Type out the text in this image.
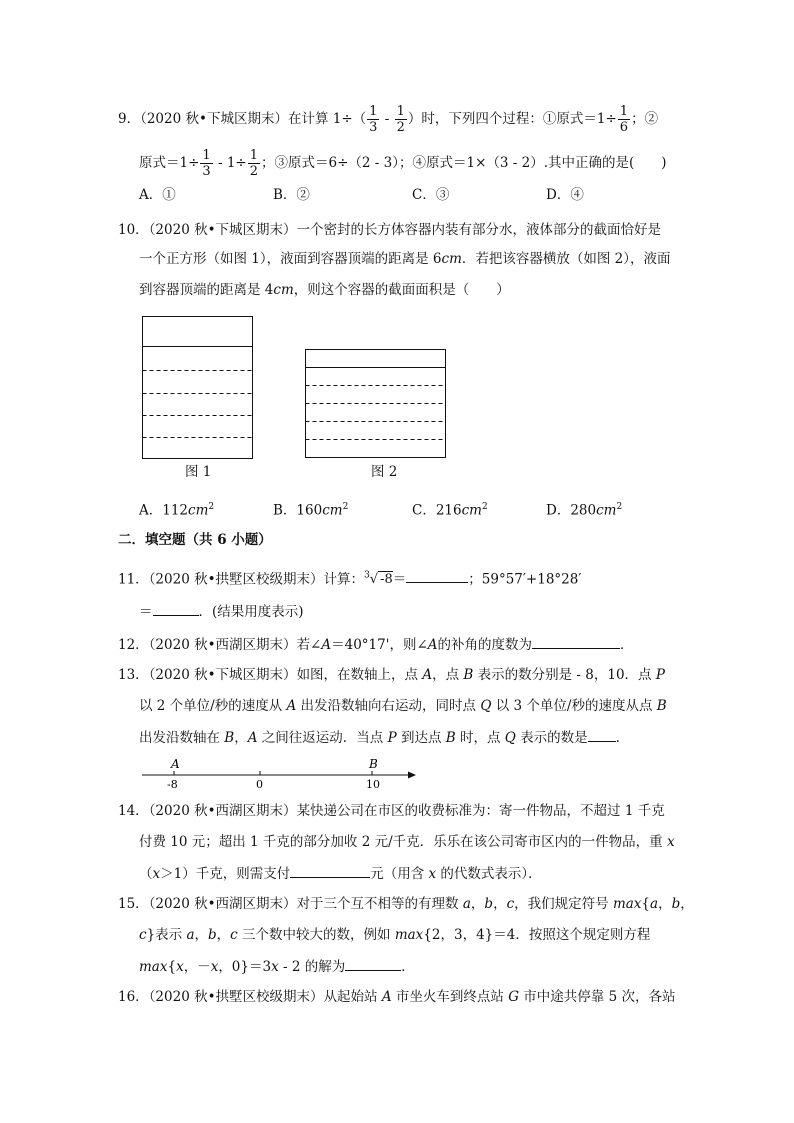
9．（2020 秋•下城区期末）在计算 $1\div( \frac{1}{3} - \frac{1}{2}$ ）时，下列四个过程：①原式$=1\div \frac{1}{6}$ ；②
原式$=1\div \frac{1}{3} - 1\div \frac{1}{2}$ ；③原式＝6÷（2 - 3）；④原式＝1×（3 - 2）.其中正确的是(　　)
A．①	B．②	C．③	D．④
10．（2020 秋•下城区期末）一个密封的长方体容器内装有部分水，液体部分的截面恰好是
一个正方形（如图 1），液面到容器顶端的距离是 6cm．若把该容器横放（如图 2），液面
到容器顶端的距离是 4cm，则这个容器的截面面积是（　　）
图 1	图 2
A．$112cm^2$	B．$160cm^2$	C．$216cm^2$	D．$280cm^2$
二．填空题（共 6 小题）
11．（2020 秋•拱墅区校级期末）计算：$^3$√ -8＝	；59°57′+18°28′
＝	．(结果用度表示)
12．（2020 秋•西湖区期末）若∠A＝40°17'，则∠A的补角的度数为	．
13．（2020 秋•下城区期末）如图，在数轴上，点 A，点 B 表示的数分别是 - 8，10．点 P
以 2 个单位/秒的速度从 A 出发沿数轴向右运动，同时点 Q 以 3 个单位/秒的速度从点 B
出发沿数轴在 B，A 之间往返运动．当点 P 到达点 B 时，点 Q 表示的数是 ．
A	B
-8	0	10
14．（2020 秋•西湖区期末）某快递公司在市区的收费标准为：寄一件物品，不超过 1 千克
付费 10 元；超出 1 千克的部分加收 2 元/千克．乐乐在该公司寄市区内的一件物品，重 x
（x＞1）千克，则需支付	元（用含 x 的代数式表示）．
15．（2020 秋•西湖区期末）对于三个互不相等的有理数 a，b，c，我们规定符号 max{a，b，
c}表示 a，b，c 三个数中较大的数，例如 max{2，3，4}＝4．按照这个规定则方程
max{x，－x，0}＝3x - 2 的解为	．
16．（2020 秋•拱墅区校级期末）从起始站 A 市坐火车到终点站 G 市中途共停靠 5 次，各站
